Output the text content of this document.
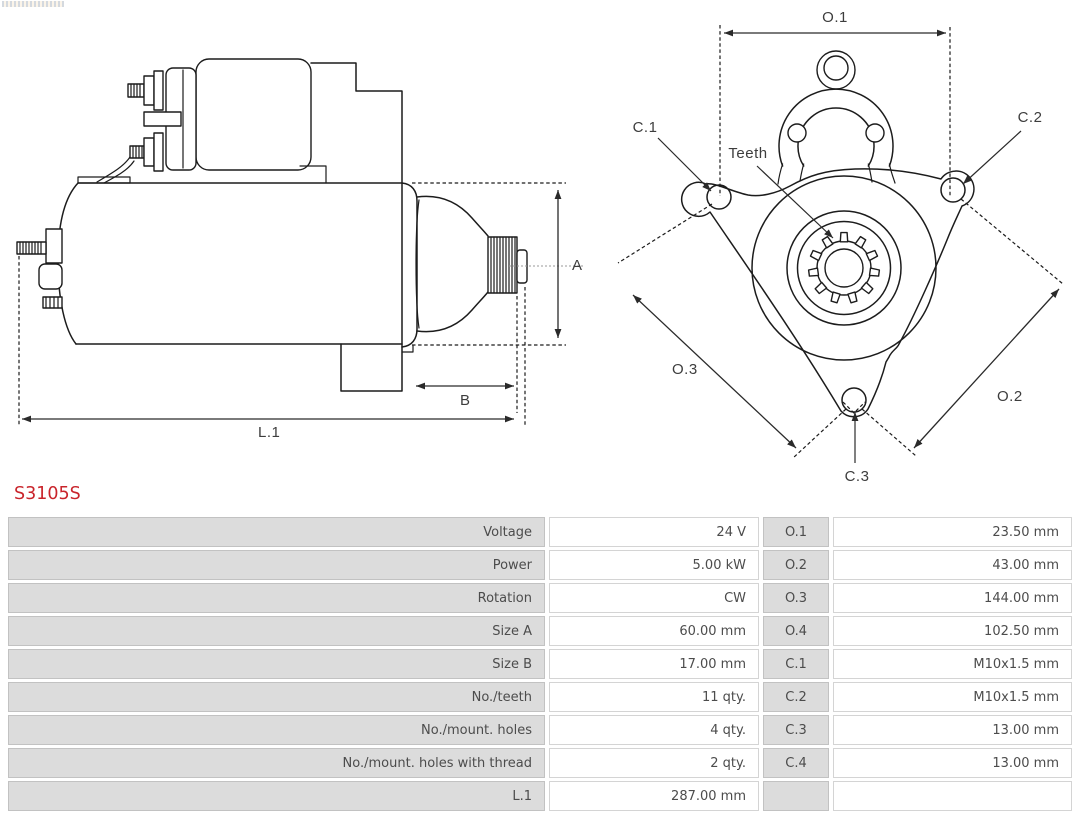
A
B
L.1
O.1
O.3
O.2
C.1
C.2
Teeth
C.3
S3105S
Voltage	24 V	O.1	23.50 mm
Power	5.00 kW	O.2	43.00 mm
Rotation	CW	O.3	144.00 mm
Size A	60.00 mm	O.4	102.50 mm
Size B	17.00 mm	C.1	M10x1.5 mm
No./teeth	11 qty.	C.2	M10x1.5 mm
No./mount. holes	4 qty.	C.3	13.00 mm
No./mount. holes with thread	2 qty.	C.4	13.00 mm
L.1	287.00 mm
